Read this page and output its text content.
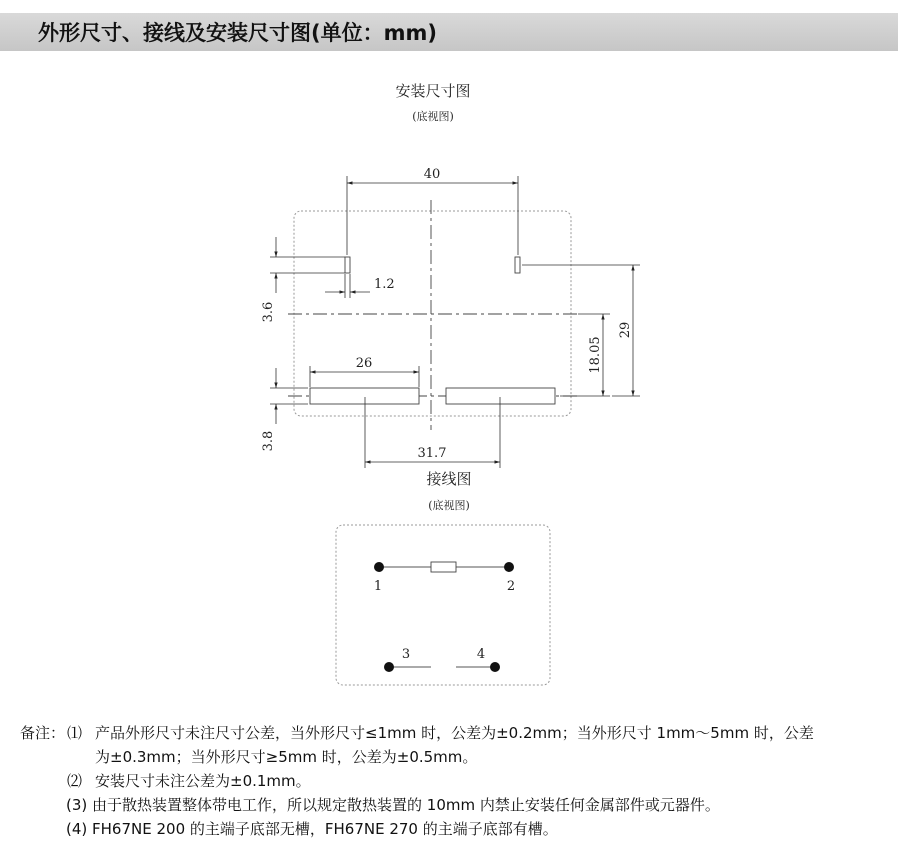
外形尺寸、接线及安装尺寸图(单位：mm)
安装尺寸图
(底视图)
接线图
(底视图)
40
1.2
3.6
26	18.05
29
3.8
31.7
1	2
3	4
备注： ⑴ 产品外形尺寸未注尺寸公差，当外形尺寸≤1mm 时，公差为±0.2mm；当外形尺寸 1mm～5mm 时，公差
为±0.3mm；当外形尺寸≥5mm 时，公差为±0.5mm。
⑵ 安装尺寸未注公差为±0.1mm。
(3) 由于散热装置整体带电工作，所以规定散热装置的 10mm 内禁止安装任何金属部件或元器件。
(4) FH67NE 200 的主端子底部无槽，FH67NE 270 的主端子底部有槽。
